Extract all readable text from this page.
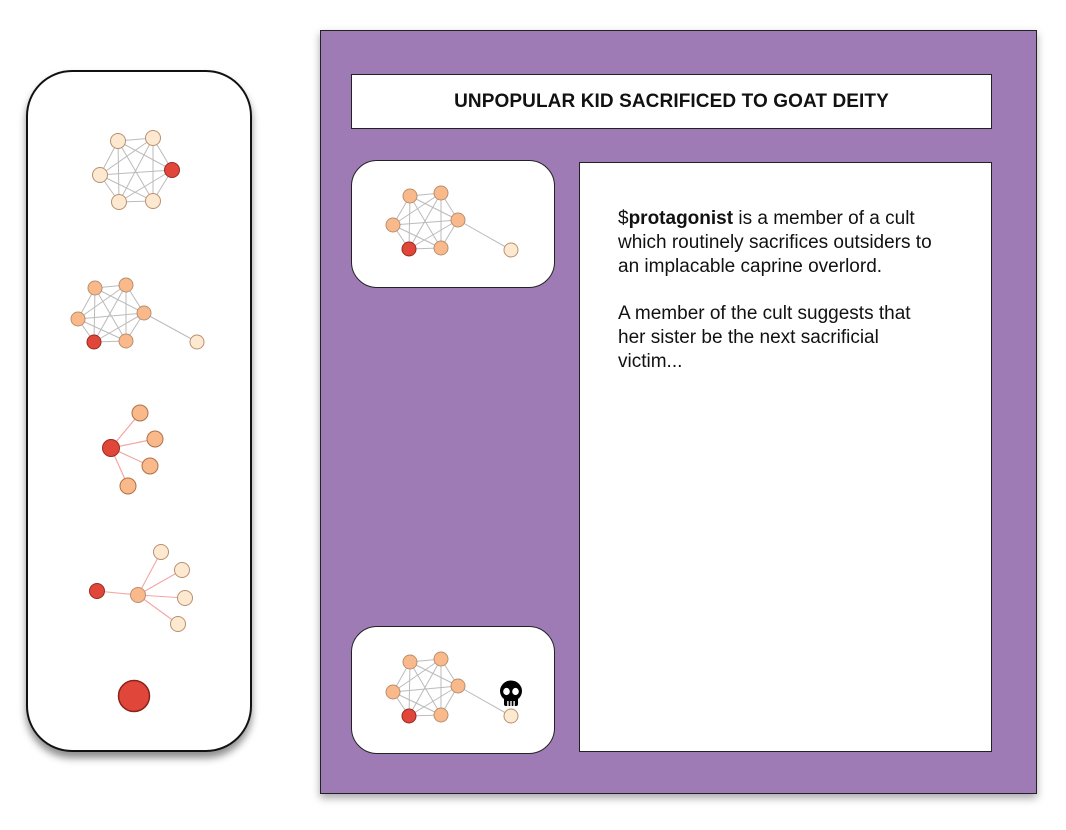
UNPOPULAR KID SACRIFICED TO GOAT DEITY

$protagonist is a member of a cult which routinely sacrifices outsiders to an implacable caprine overlord.

A member of the cult suggests that her sister be the next sacrificial victim...
